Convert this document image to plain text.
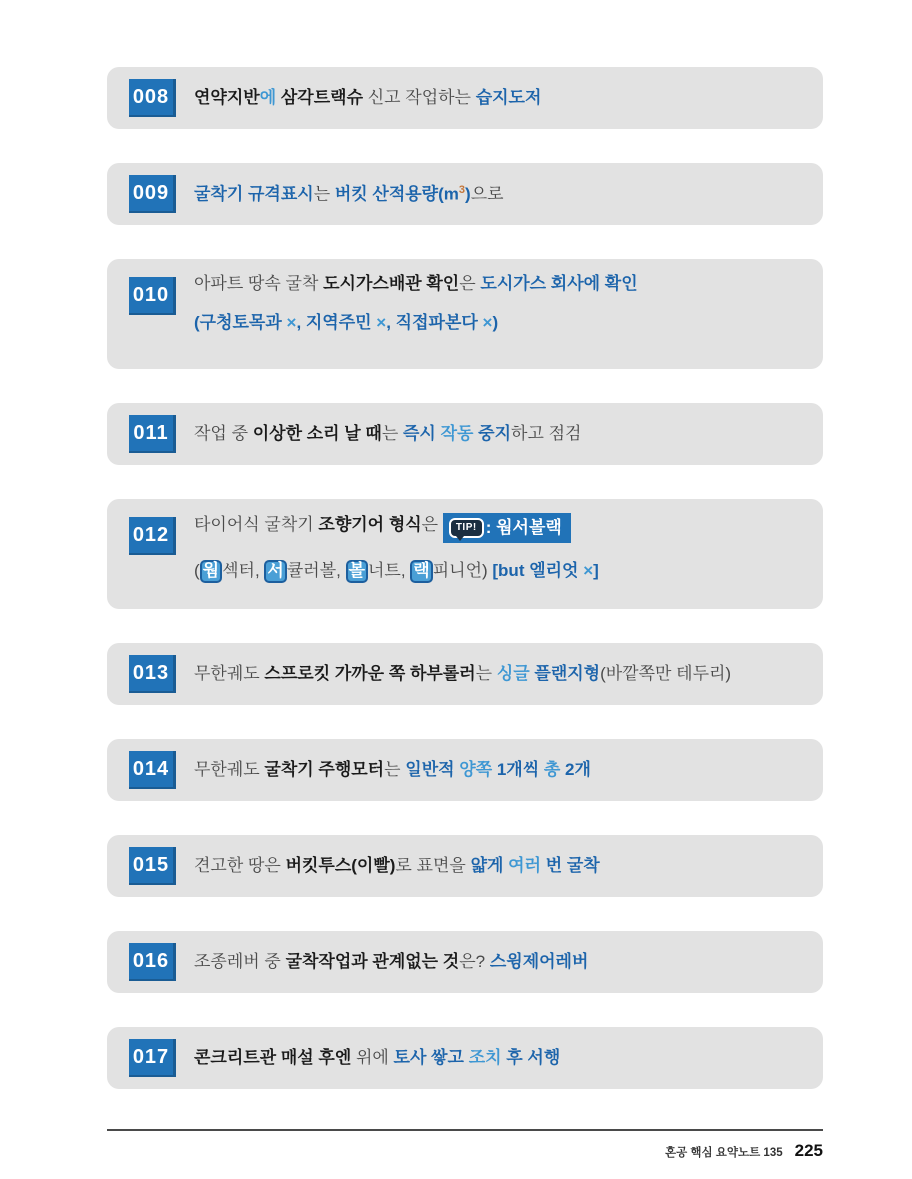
008	연약지반에 삼각트랙슈 신고 작업하는 습지도저
009	굴착기 규격표시는 버킷 산적용량$(m^3)$으로
010	아파트 땅속 굴착 도시가스배관 확인은 도시가스 회사에 확인
(구청토목과 ×, 지역주민 ×, 직접파본다 ×)
011	작업 중 이상한 소리 날 때는 즉시 작동 중지하고 점검
012	타이어식 굴착기 조향기어 형식은	TIP! : 웜서볼랙
( 웜 섹터, 서 큘러볼, 볼 너트, 랙 피니언) [but 엘리엇 ×]
013	무한궤도 스프로킷 가까운 쪽 하부롤러는 싱글 플랜지형(바깥쪽만 테두리)
014	무한궤도 굴착기 주행모터는 일반적 양쪽 1개씩 총 2개
015	견고한 땅은 버킷투스(이빨)로 표면을 얇게 여러 번 굴착
016	조종레버 중 굴착작업과 관계없는 것은? 스윙제어레버
017	콘크리트관 매설 후엔 위에 토사 쌓고 조치 후 서행
혼공 핵심 요약노트 135 225
